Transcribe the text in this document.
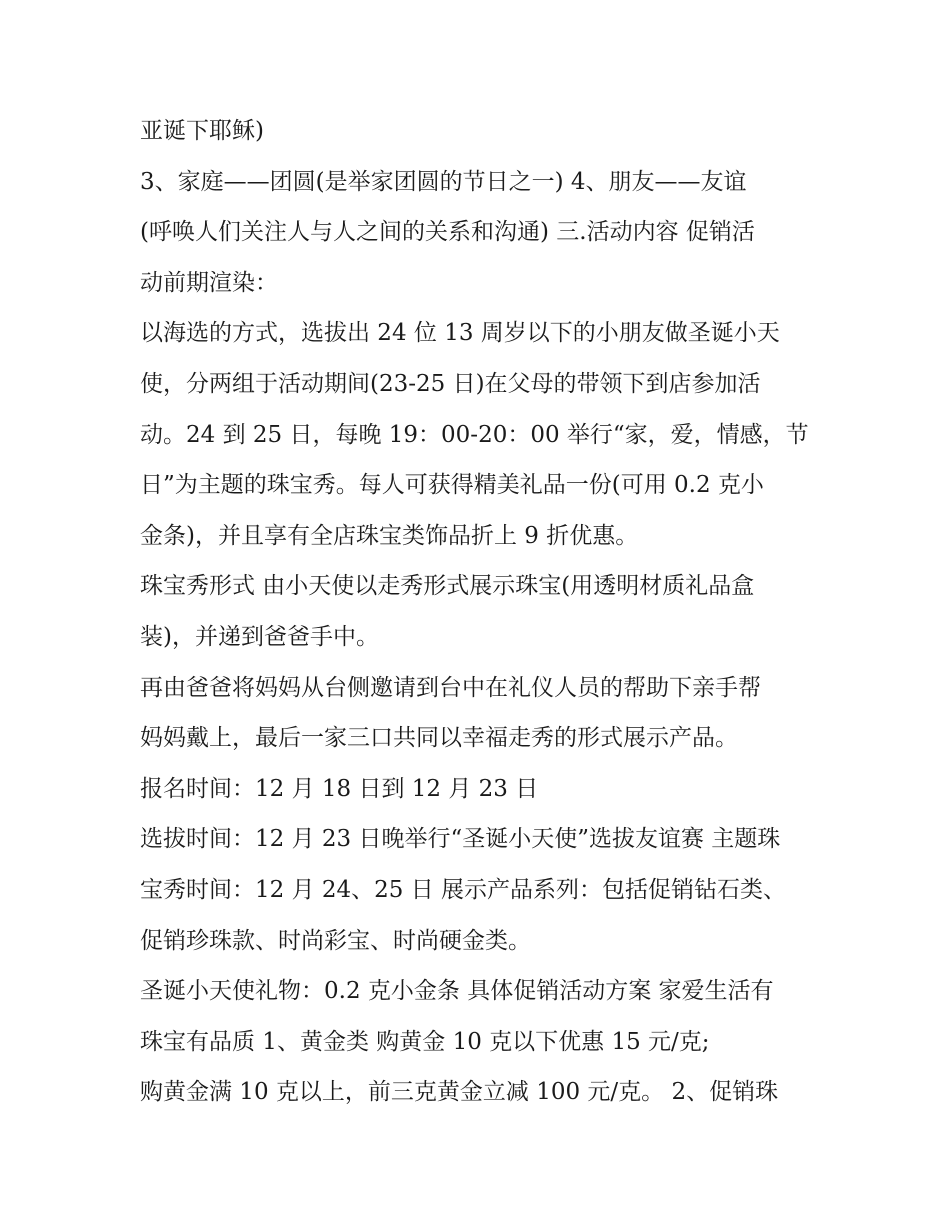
亚诞下耶稣)
3、家庭——团圆(是举家团圆的节日之一) 4、朋友——友谊
(呼唤人们关注人与人之间的关系和沟通) 三.活动内容 促销活
动前期渲染：
以海选的方式，选拔出 24 位 13 周岁以下的小朋友做圣诞小天
使，分两组于活动期间(23-25 日)在父母的带领下到店参加活
动。24 到 25 日，每晚 19：00-20：00 举行“家，爱，情感，节
日”为主题的珠宝秀。每人可获得精美礼品一份(可用 0.2 克小
金条)，并且享有全店珠宝类饰品折上 9 折优惠。
珠宝秀形式 由小天使以走秀形式展示珠宝(用透明材质礼品盒
装)，并递到爸爸手中。
再由爸爸将妈妈从台侧邀请到台中在礼仪人员的帮助下亲手帮
妈妈戴上，最后一家三口共同以幸福走秀的形式展示产品。
报名时间：12 月 18 日到 12 月 23 日
选拔时间：12 月 23 日晚举行“圣诞小天使”选拔友谊赛 主题珠
宝秀时间：12 月 24、25 日 展示产品系列：包括促销钻石类、
促销珍珠款、时尚彩宝、时尚硬金类。
圣诞小天使礼物：0.2 克小金条 具体促销活动方案 家爱生活有
珠宝有品质 1、黄金类 购黄金 10 克以下优惠 15 元/克;
购黄金满 10 克以上，前三克黄金立减 100 元/克。 2、促销珠
